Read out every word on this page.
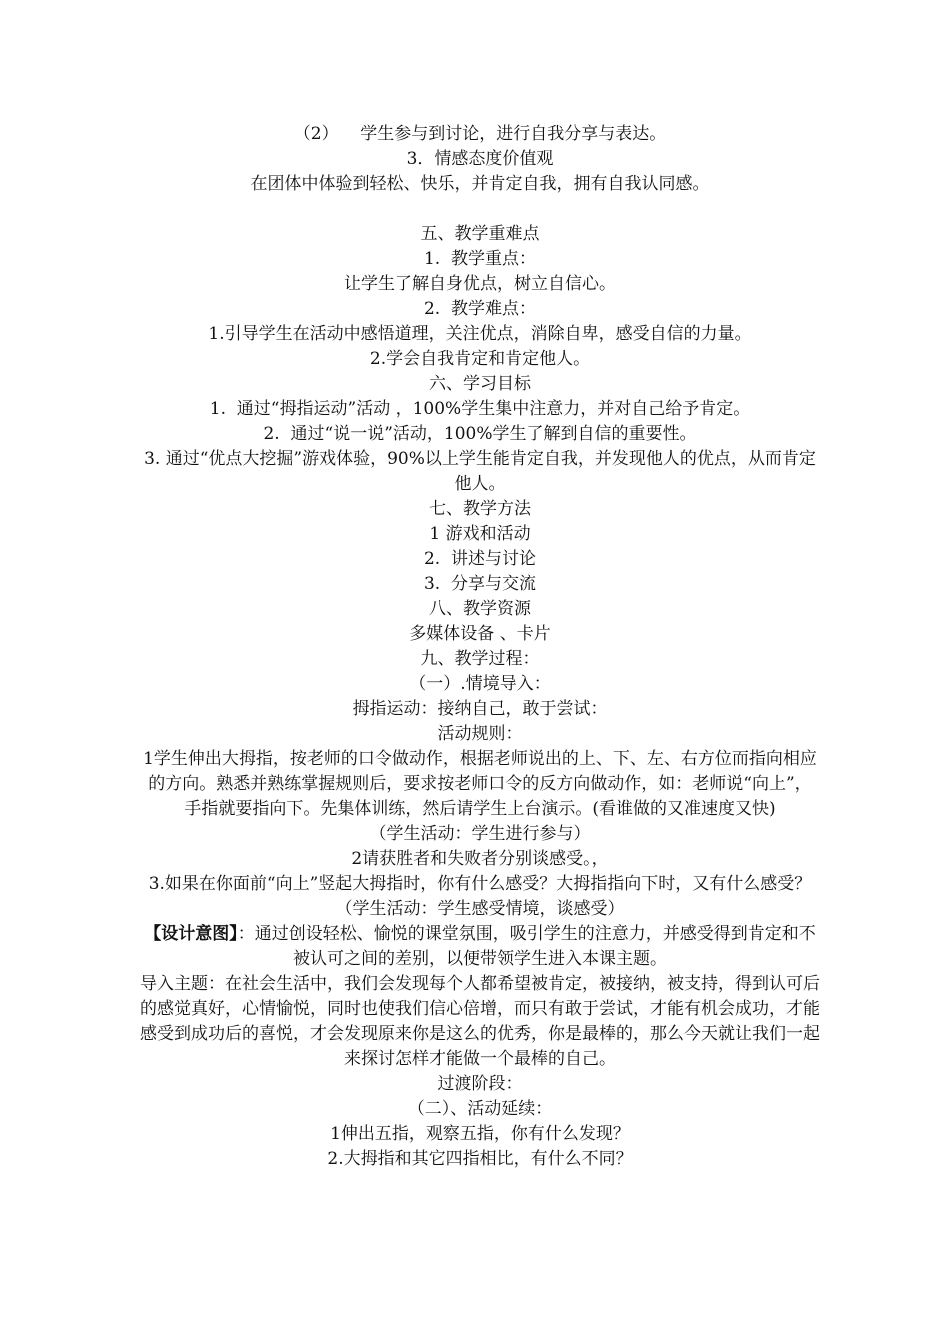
（2）    学生参与到讨论，进行自我分享与表达。
3．情感态度价值观
在团体中体验到轻松、快乐，并肯定自我，拥有自我认同感。
五、教学重难点
1.  教学重点：
让学生了解自身优点，树立自信心。
2.  教学难点：
1.引导学生在活动中感悟道理，关注优点，消除自卑，感受自信的力量。
2.学会自我肯定和肯定他人。
六、学习目标
1.  通过“拇指运动”活动 ，100%学生集中注意力，并对自己给予肯定。
2.  通过“说一说”活动，100%学生了解到自信的重要性。
3. 通过“优点大挖掘”游戏体验，90%以上学生能肯定自我，并发现他人的优点，从而肯定他人。
七、教学方法
1 游戏和活动
2.  讲述与讨论
3.  分享与交流
八、教学资源
多媒体设备 、卡片
九、教学过程：
（一）.情境导入：
拇指运动：接纳自己，敢于尝试：
活动规则：
1学生伸出大拇指，按老师的口令做动作，根据老师说出的上、下、左、右方位而指向相应的方向。熟悉并熟练掌握规则后，要求按老师口令的反方向做动作，如：老师说“向上”，手指就要指向下。先集体训练，然后请学生上台演示。(看谁做的又准速度又快)
（学生活动：学生进行参与）
2请获胜者和失败者分别谈感受。，
3.如果在你面前“向上”竖起大拇指时，你有什么感受？大拇指指向下时，又有什么感受？
（学生活动：学生感受情境，谈感受）
【设计意图】：通过创设轻松、愉悦的课堂氛围，吸引学生的注意力，并感受得到肯定和不被认可之间的差别，以便带领学生进入本课主题。
导入主题：在社会生活中，我们会发现每个人都希望被肯定，被接纳，被支持，得到认可后的感觉真好，心情愉悦，同时也使我们信心倍增，而只有敢于尝试，才能有机会成功，才能感受到成功后的喜悦，才会发现原来你是这么的优秀，你是最棒的，那么今天就让我们一起来探讨怎样才能做一个最棒的自己。
过渡阶段：
（二）、活动延续：
1伸出五指，观察五指，你有什么发现？
2.大拇指和其它四指相比，有什么不同？
